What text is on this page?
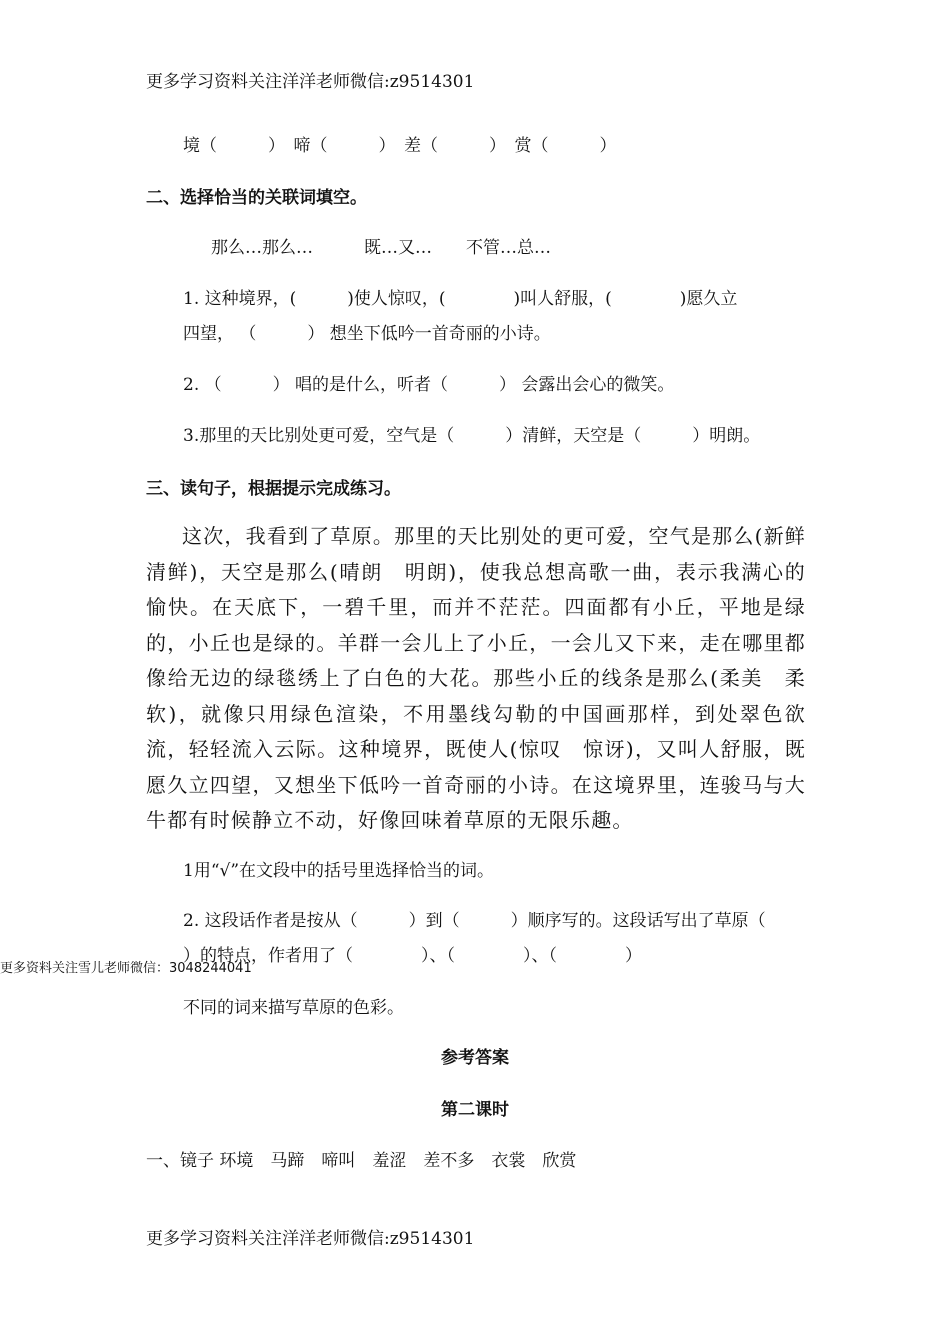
更多学习资料关注洋洋老师微信:z9514301
境（　　　）　啼（　　　）　差（　　　）　赏（　　　）
二、选择恰当的关联词填空。
那么…那么…　　　既…又…　　不管…总…
1. 这种境界，(　　　)使人惊叹，(　　　　)叫人舒服，(　　　　)愿久立
四望， （　　　） 想坐下低吟一首奇丽的小诗。
2. （　　　） 唱的是什么，听者（　　　） 会露出会心的微笑。
3.那里的天比别处更可爱，空气是（　　　）清鲜，天空是（　　　）明朗。
三、读句子，根据提示完成练习。
这次，我看到了草原。那里的天比别处的更可爱，空气是那么(新鲜　清鲜)，天空是那么(晴朗　明朗)，使我总想高歌一曲，表示我满心的愉快。在天底下，一碧千里，而并不茫茫。四面都有小丘，平地是绿的，小丘也是绿的。羊群一会儿上了小丘，一会儿又下来，走在哪里都像给无边的绿毯绣上了白色的大花。那些小丘的线条是那么(柔美　柔软)，就像只用绿色渲染，不用墨线勾勒的中国画那样，到处翠色欲流，轻轻流入云际。这种境界，既使人(惊叹　惊讶)，又叫人舒服，既愿久立四望，又想坐下低吟一首奇丽的小诗。在这境界里，连骏马与大牛都有时候静立不动，好像回味着草原的无限乐趣。
1用“√”在文段中的括号里选择恰当的词。
2. 这段话作者是按从（　　　）到（　　　）顺序写的。这段话写出了草原（
）的特点，作者用了（　　　　）、（　　　　）、（　　　　）
更多资料关注雪儿老师微信：3048244041
不同的词来描写草原的色彩。
参考答案
第二课时
一、镜子 环境　马蹄　啼叫　羞涩　差不多　衣裳　欣赏
更多学习资料关注洋洋老师微信:z9514301
